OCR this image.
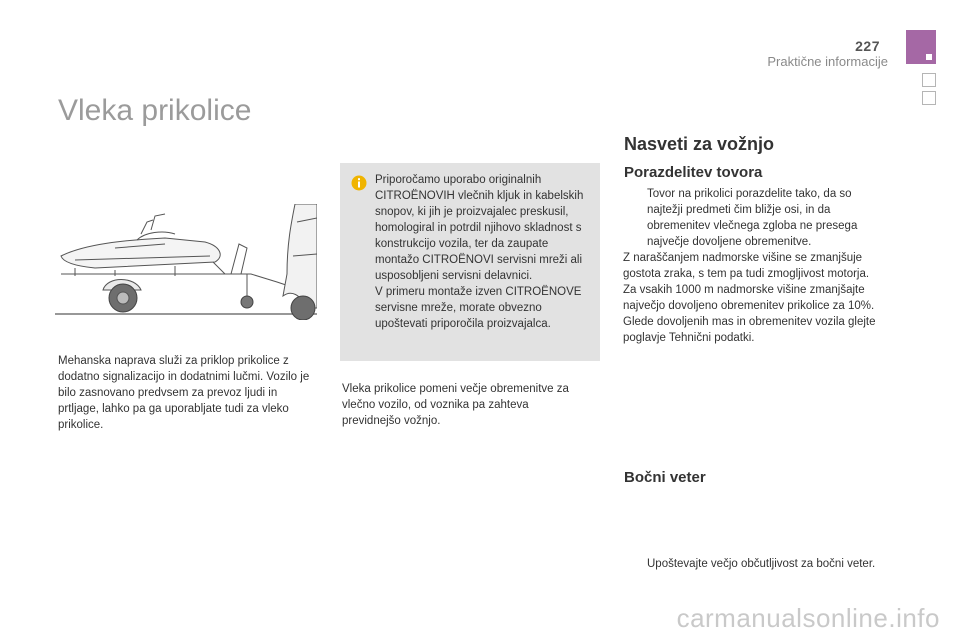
227
Praktične informacije
Vleka prikolice
Mehanska naprava služi za priklop prikolice z dodatno signalizacijo in dodatnimi lučmi. Vozilo je bilo zasnovano predvsem za prevoz ljudi in prtljage, lahko pa ga uporabljate tudi za vleko prikolice.
Priporočamo uporabo originalnih CITROËNOVIH vlečnih kljuk in kabelskih snopov, ki jih je proizvajalec preskusil, homologiral in potrdil njihovo skladnost s konstrukcijo vozila, ter da zaupate montažo CITROËNOVI servisni mreži ali usposobljeni servisni delavnici.
V primeru montaže izven CITROËNOVE servisne mreže, morate obvezno upoštevati priporočila proizvajalca.
Vleka prikolice pomeni večje obremenitve za vlečno vozilo, od voznika pa zahteva previdnejšo vožnjo.
Nasveti za vožnjo
Porazdelitev tovora
Tovor na prikolici porazdelite tako, da so najtežji predmeti čim bližje osi, in da obremenitev vlečnega zgloba ne presega največje dovoljene obremenitve.
Z naraščanjem nadmorske višine se zmanjšuje gostota zraka, s tem pa tudi zmogljivost motorja. Za vsakih 1000 m nadmorske višine zmanjšajte največjo dovoljeno obremenitev prikolice za 10%.
Glede dovoljenih mas in obremenitev vozila glejte poglavje Tehnični podatki.
Bočni veter
Upoštevajte večjo občutljivost za bočni veter.
carmanualsonline.info
